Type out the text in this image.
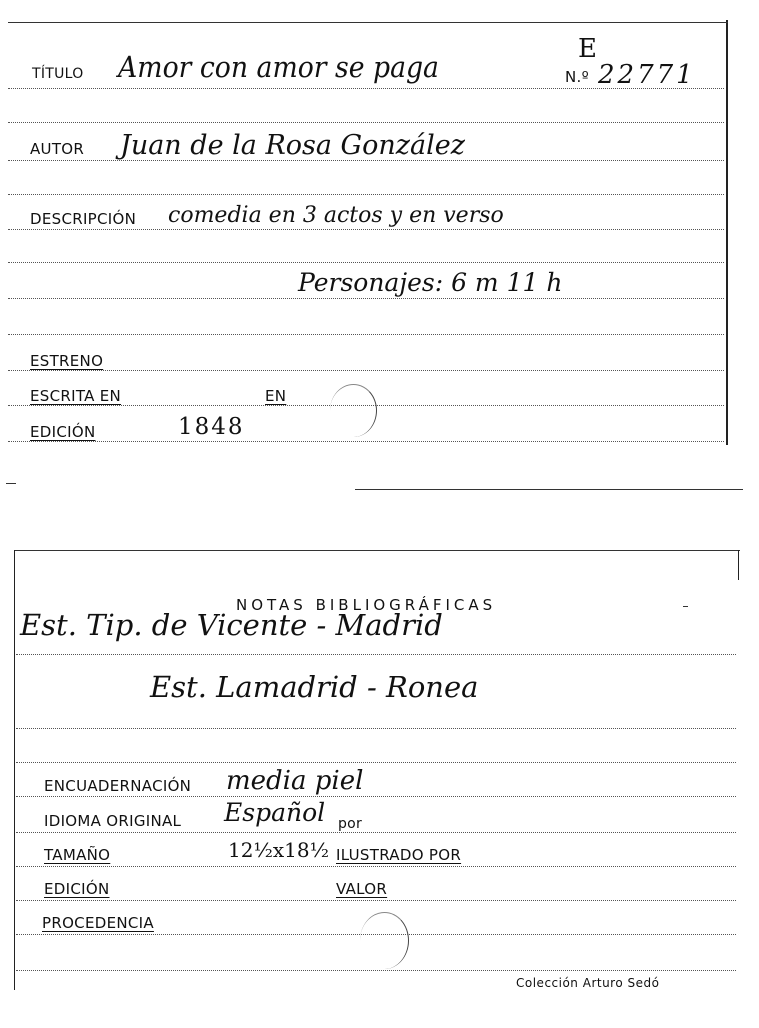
TÍTULO Amor con amor se paga
E
N.º 22771
AUTOR Juan de la Rosa González
DESCRIPCIÓN comedia en 3 actos y en verso
Personajes: 6 m 11 h
ESTRENO
ESCRITA EN	EN
EDICIÓN	1848
NOTAS BIBLIOGRÁFICAS
Est. Tip. de Vicente - Madrid
Est. Lamadrid - Ronea
ENCUADERNACIÓN media piel
IDIOMA ORIGINAL Español por
TAMAÑO	12½x18½ ILUSTRADO POR
EDICIÓN	VALOR
PROCEDENCIA
Colección Arturo Sedó
